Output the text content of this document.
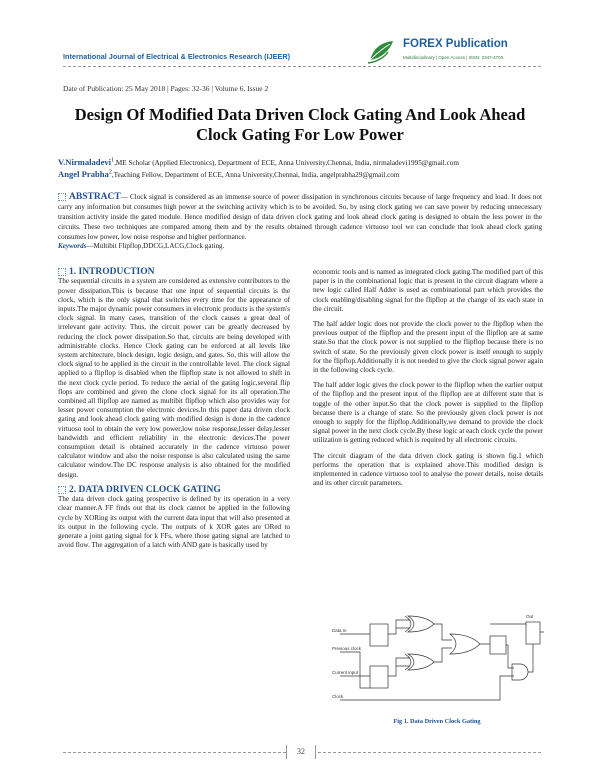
International Journal of Electrical & Electronics Research (IJEER)
FOREX Publication
Multidisciplinary | Open Access | ISSN: 2347-470X
Date of Publication: 25 May 2018 | Pages: 32-36 | Volume 6, Issue 2
Design Of Modified Data Driven Clock Gating And Look Ahead Clock Gating For Low Power
V.Nirmaladevi$^1$,ME Scholar (Applied Electronics), Department of ECE, Anna University,Chennai, India, nirmaladevi1995@gmail.com
Angel Prabha$^2$,Teaching Fellow, Department of ECE, Anna University,Chennai, India, angelprabha29@gmail.com
ABSTRACT— Clock signal is considered as an immense source of power dissipation in synchronous circuits because of large frequency and load. It does not carry any information but consumes high power at the switching activity which is to be avoided. So, by using clock gating we can save power by reducing unnecessary transition activity inside the gated module. Hence modified design of data driven clock gating and look ahead clock gating is designed to obtain the less power in the circuits. These two techniques are compared among them and by the results obtained through cadence virtuoso tool we can conclude that look ahead clock gating consumes low power, low noise response and higher performance.
Keywords—Multibit Flipflop,DDCG,LACG,Clock gating.
1. INTRODUCTION

The sequential circuits in a system are considered as extensive contributors to the power dissipation.This is because that one input of sequential circuits is the clock, which is the only signal that switches every time for the appearance of inputs.The major dynamic power consumers in electronic products is the system's clock signal. In many cases, transition of the clock causes a great deal of irrelevant gate activity. Thus, the circuit power can be greatly decreased by reducing the clock power dissipation.So that, circuits are being developed with administrable clocks. Hence Clock gating can be enforced at all levels like system architecture, block design, logic design, and gates. So, this will allow the clock signal to be applied in the circuit in the controllable level. The clock signal applied to a flipflop is disabled when the flipflop state is not allowed to shift in the next clock cycle period. To reduce the aerial of the gating logic,several flip flops are combined and given the clone clock signal for its all operation.The combined all flipflop are named as multibit flipflop which also provides way for lesser power consumption the electronic devices.In this paper data driven clock gating and look ahead clock gating with modified design is done in the cadence virtuoso tool to obtain the very low power,low noise response,lesser delay,lesser bandwidth and efficient reliability in the electronic devices.The power consumption detail is obtained accurately in the cadence virtuoso power calculator window and also the noise response is also calculated using the same calculator window.The DC response analysis is also obtained for the modified design.

2. DATA DRIVEN CLOCK GATING

The data driven clock gating prospective is defined by its operation in a very clear manner.A FF finds out that its clock cannot be applied in the following cycle by XORing its output with the current data input that will also presented at its output in the following cycle. The outputs of k XOR gates are ORed to generate a joint gating signal for k FFs, where those gating signal are latched to avoid flow. The aggregation of a latch with AND gate is basically used by

economic tools and is named as integrated clock gating.The modified part of this paper is in the combinational logic that is present in the circuit diagram where a new logic called Half Adder is used as combinational part which provides the clock enabling/disabling signal for the flipflop at the change of its each state in the circuit.

The half adder logic does not provide the clock power to the flipflop when the previous output of the flipflop and the present input of the flipflop are at same state.So that the clock power is not supplied to the flipflop because there is no switch of state. So the previously given clock power is itself enough to supply for the flipflop.Additionally it is not needed to give the clock signal power again in the following clock cycle.

The half adder logic gives the clock power to the flipflop when the earlier output of the flipflop and the present input of the flipflop are at different state that is toggle of the other input.So that the clock power is supplied to the flipflop because there is a change of state. So the previously given clock power is not enough to supply for the flipflop.Additionally,we demand to provide the clock signal power in the next clock cycle.By these logic at each clock cycle the power utilization is getting reduced which is required by all electronic circuits.

The circuit diagram of the data driven clock gating is shown fig.1 which performs the operation that is explained above.This modified design is implemented in cadence virtuoso tool to analyse the power details, noise details and its other circuit parameters.

Data In
Previous clock
Current input
Clock
Out
Fig 1. Data Driven Clock Gating
32
